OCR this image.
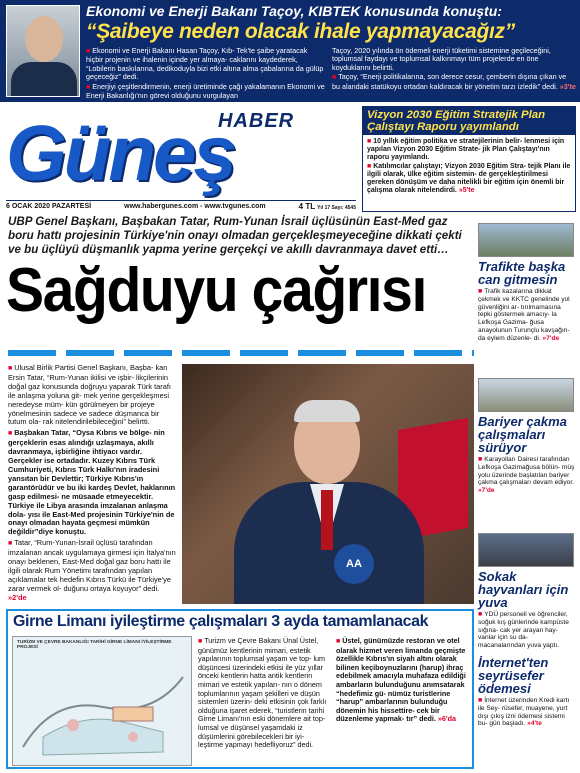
Ekonomi ve Enerji Bakanı Taçoy, KIBTEK konusunda konuştu:
“Şaibeye neden olacak ihale yapmayacağız”

■ Ekonomi ve Enerji Bakanı Hasan Taçoy, Kıb- Tek'te şaibe yaratacak hiçbir projenin ve ihalenin içinde yer almaya- caklarını kaydederek, “Lobilerin baskılarına, dedikoduyla bizi etki altına alma çabalarına da gülüp geçeceğiz” dedi.

■ Enerjiyi çeşitlendirmenin, enerji üretiminde çağı yakalamanın Ekonomi ve Enerji Bakanlığı'nın görevi olduğunu vurgulayan

Taçoy, 2020 yılında ön ödemeli enerji tüketimi sistemine geçileceğini, toplumsal faydayı ve toplumsal kalkınmayı tüm projelerde en öne koyduklarını belirtti.

■ Taçoy, “Enerji politikalarına, son derece cesur, çemberin dışına çıkan ve bu alandaki statükoyu ortadan kaldıracak bir yönetim tarzı izledik” dedi. »3'te

Güneş
HABER
6 OCAK 2020 PAZARTESİ	www.habergunes.com - www.tvgunes.com	4 TL Yıl 17 Sayı: 4545
Vizyon 2030 Eğitim Stratejik Plan Çalıştayı Raporu yayımlandı

■ 10 yıllık eğitim politika ve stratejilerinin belir- lenmesi için yapılan Vizyon 2030 Eğitim Strate- jik Plan Çalıştayı'nın raporu yayımlandı.

■ Katılımcılar çalıştayı; Vizyon 2030 Eğitim Stra- tejik Planı ile ilgili olarak, ülke eğitim sistemin- de gerçekleştirilmesi gereken dönüşüm ve daha nitelikli bir eğitim için önemli bir çalışma olarak nitelendirdi. »5'te

UBP Genel Başkanı, Başbakan Tatar, Rum-Yunan İsrail üçlüsünün East-Med gaz boru hattı projesinin Türkiye'nin onayı olmadan gerçekleşmeyeceğine dikkati çekti ve bu üçlüyü düşmanlık yapma yerine gerçekçi ve akıllı davranmaya davet etti…
Sağduyu çağrısı

■ Ulusal Birlik Partisi Genel Başkanı, Başba- kan Ersin Tatar, “Rum-Yunan ikilisi ve işbir- likçilerinin doğal gaz konusunda doğruyu yaparak Türk tarafı ile anlaşma yoluna git- mek yerine gerçekleşmesi neredeyse müm- kün görülmeyen bir projeye yönelmesinin sadece ve sadece düşmanca bir tutum ola- rak nitelendirilebileceğini” belirtti.

■ Başbakan Tatar, “Oysa Kıbrıs ve bölge- nin gerçeklerin esas alındığı uzlaşmaya, akıllı davranmaya, işbirliğine ihtiyacı vardır. Gerçekler ise ortadadır. Kuzey Kıbrıs Türk Cumhuriyeti, Kıbrıs Türk Halkı'nın iradesini yansıtan bir Devlettir; Türkiye Kıbrıs'ın garantörüdür ve bu iki kardeş Devlet, haklarının gasp edilmesi- ne müsaade etmeyecektir. Türkiye ile Libya arasında imzalanan anlaşma dola- yısı ile East-Med projesinin Türkiye'nin de onayı olmadan hayata geçmesi mümkün değildir”diye konuştu.

■ Tatar, “Rum-Yunan-İsrail üçlüsü tarafından imzalanan ancak uygulamaya girmesi için İtalya'nın onayı beklenen, East-Med doğal gaz boru hattı ile ilgili olarak Rum Yönetimi tarafından yapılan açıklamalar tek hedefin Kıbrıs Türkü ile Türkiye'ye zarar vermek ol- duğunu ortaya koyuyor” dedi. »2'de

AA
Trafikte başka can gitmesin
■ Trafik kazalarına dikkat çekmek ve KKTC genelinde yol güvenliğini ar- tırılmamasına tepki göstermek amacıy- la Lefkoşa Gazima- ğusa anayolunun Turunçlu kavşağın- da eylem düzenle- di. »7'de
Bariyer çakma çalışmaları sürüyor
■ Karayolları Dairesi tarafından Lefkoşa Gazimağusa bölün- müş yolu üzerinde başlatılan bariyer çakma çalışmaları devam ediyor. »7'de
Sokak hayvanları için yuva
■ YDÜ personeli ve öğrenciler, soğuk kış günlerinde kampüste sığına- cak yer arayan hay- vanlar için su da- macanalarından yuva yaptı.
İnternet'ten seyrüsefer ödemesi
■ İnternet üzerinden Kredi kartı ile Sey- rüsefer, muayene, yurt dışı çıkış izni ödemesi sistemi bu- gün başladı. »4'te
Girne Limanı iyileştirme çalışmaları 3 ayda tamamlanacak
TURİZM VE ÇEVRE BAKANLIĞI TARİHİ GİRNE LİMANI İYİLEŞTİRME PROJESİ
■ Turizm ve Çevre Bakanı Ünal Üstel, günümüz kentlerinin mimari, estetik yapılarının toplumsal yaşam ve top- lum düşüncesi üzerindeki etkisi ile yüz yıllar önceki kentlerin hatta antik kentlerin mimari ve estetik yapıları- nın o dönem toplumlarının yaşam şekilleri ve düşün sistemleri üzerin- deki etkisinin çok farklı olduğuna işaret ederek, “turistlerin tarihi Girne Limanı'nın eski dönemlere ait top- lumsal ve düşünsel yaşamdaki iz düşümlerini görebilecekleri bir iyi- leştirme yapmayı hedefliyoruz” dedi.
■ Üstel, günümüzde restoran ve otel olarak hizmet veren limanda geçmişte özellikle Kıbrıs'ın siyah altını olarak bilinen keçiboynuzlarını (harup) ihraç edebilmek amacıyla muhafaza edildiği ambarların bulunduğunu anımsatarak “hedefimiz gü- nümüz turistlerine “harup” ambarlarının bulunduğu dönemin his hissettire- cek bir düzenleme yapmak- tır” dedi. »6'da
